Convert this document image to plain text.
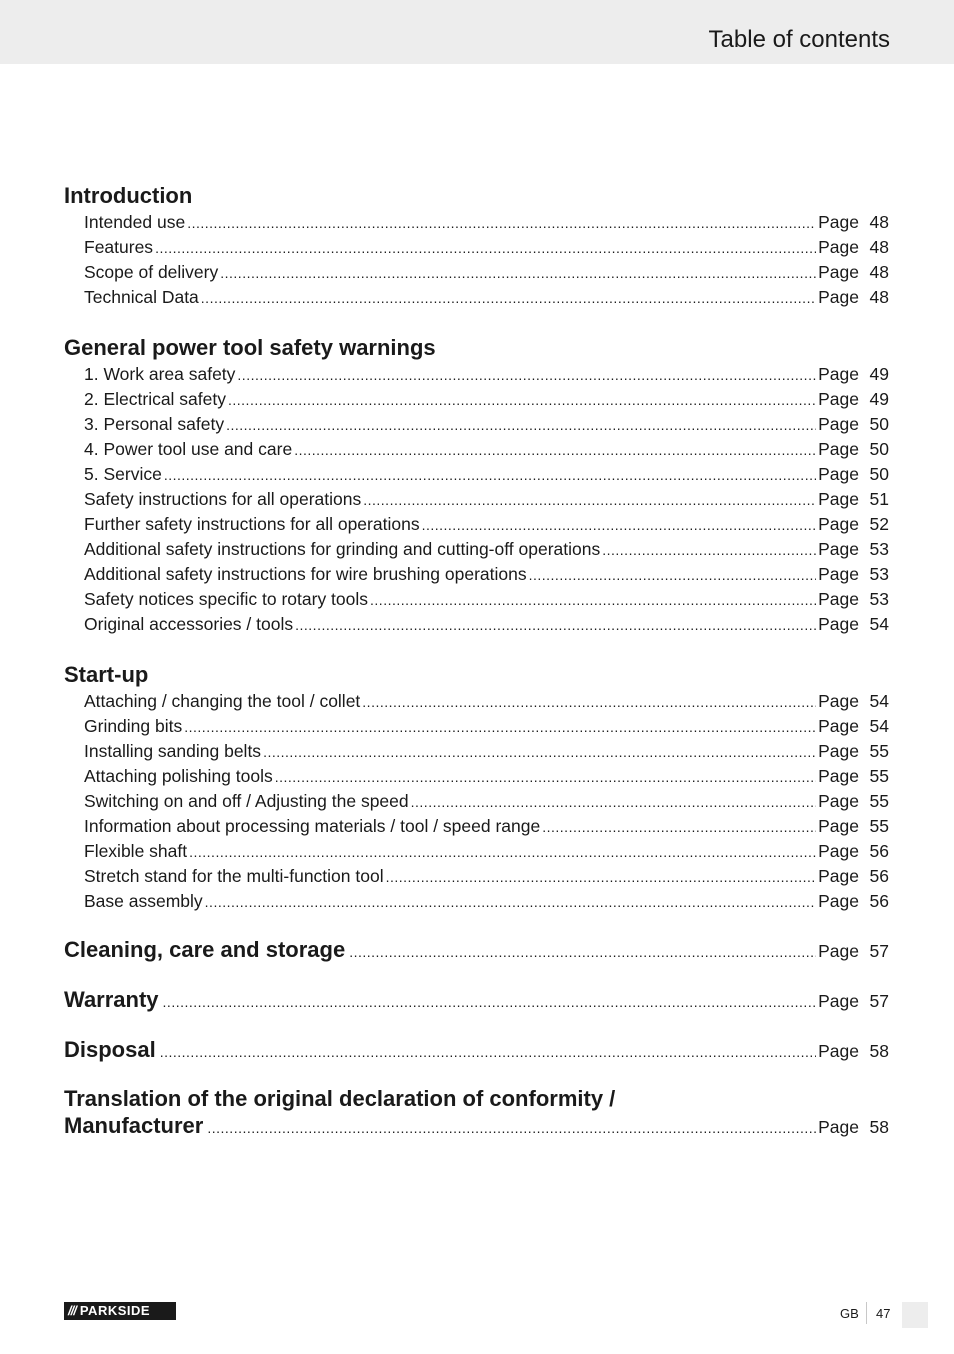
Table of contents
Introduction
Intended use .....	Page 48
Features .....	Page 48
Scope of delivery .....	Page 48
Technical Data .....	Page 48
General power tool safety warnings
1. Work area safety .....	Page 49
2. Electrical safety .....	Page 49
3. Personal safety .....	Page 50
4. Power tool use and care .....	Page 50
5. Service .....	Page 50
Safety instructions for all operations .....	Page 51
Further safety instructions for all operations .....	Page 52
Additional safety instructions for grinding and cutting-off operations .....	Page 53
Additional safety instructions for wire brushing operations .....	Page 53
Safety notices specific to rotary tools .....	Page 53
Original accessories / tools .....	Page 54
Start-up
Attaching / changing the tool / collet .....	Page 54
Grinding bits .....	Page 54
Installing sanding belts .....	Page 55
Attaching polishing tools .....	Page 55
Switching on and off / Adjusting the speed .....	Page 55
Information about processing materials / tool / speed range .....	Page 55
Flexible shaft .....	Page 56
Stretch stand for the multi-function tool .....	Page 56
Base assembly .....	Page 56
Cleaning, care and storage .....	Page 57
Warranty .....	Page 57
Disposal .....	Page 58
Translation of the original declaration of conformity /
Manufacturer .....	Page 58
/// PARKSIDE	GB 47
